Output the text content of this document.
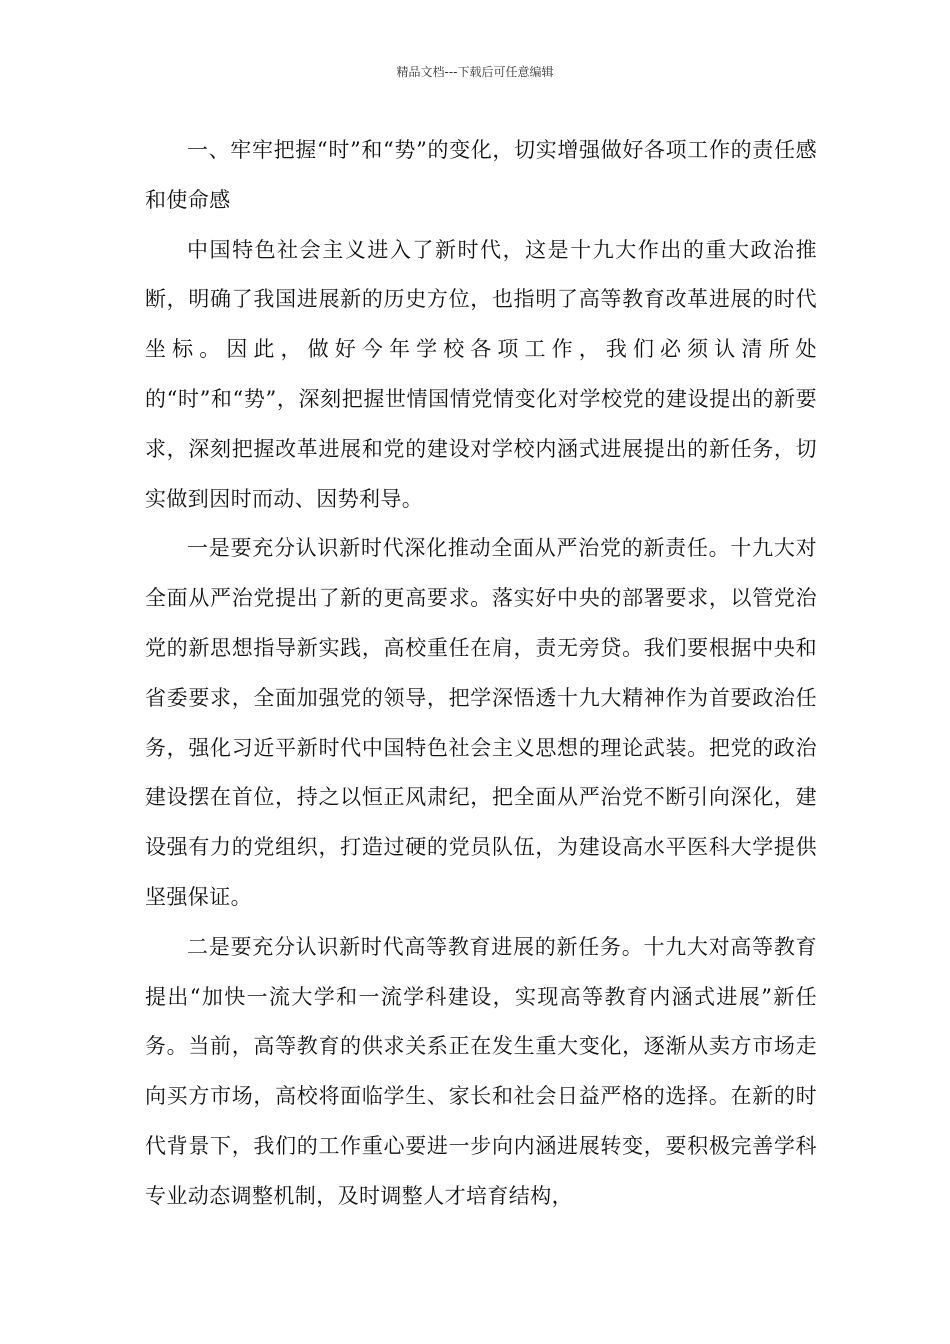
精品文档---下载后可任意编辑

一、牢牢把握“时”和“势”的变化，切实增强做好各项工作的责任感和使命感

中国特色社会主义进入了新时代，这是十九大作出的重大政治推断，明确了我国进展新的历史方位，也指明了高等教育改革进展的时代坐标。因此，做好今年学校各项工作，我们必须认清所处的“时”和“势”，深刻把握世情国情党情变化对学校党的建设提出的新要求，深刻把握改革进展和党的建设对学校内涵式进展提出的新任务，切实做到因时而动、因势利导。

一是要充分认识新时代深化推动全面从严治党的新责任。十九大对全面从严治党提出了新的更高要求。落实好中央的部署要求，以管党治党的新思想指导新实践，高校重任在肩，责无旁贷。我们要根据中央和省委要求，全面加强党的领导，把学深悟透十九大精神作为首要政治任务，强化习近平新时代中国特色社会主义思想的理论武装。把党的政治建设摆在首位，持之以恒正风肃纪，把全面从严治党不断引向深化，建设强有力的党组织，打造过硬的党员队伍，为建设高水平医科大学提供坚强保证。

二是要充分认识新时代高等教育进展的新任务。十九大对高等教育提出“加快一流大学和一流学科建设，实现高等教育内涵式进展”新任务。当前，高等教育的供求关系正在发生重大变化，逐渐从卖方市场走向买方市场，高校将面临学生、家长和社会日益严格的选择。在新的时代背景下，我们的工作重心要进一步向内涵进展转变，要积极完善学科专业动态调整机制，及时调整人才培育结构，
